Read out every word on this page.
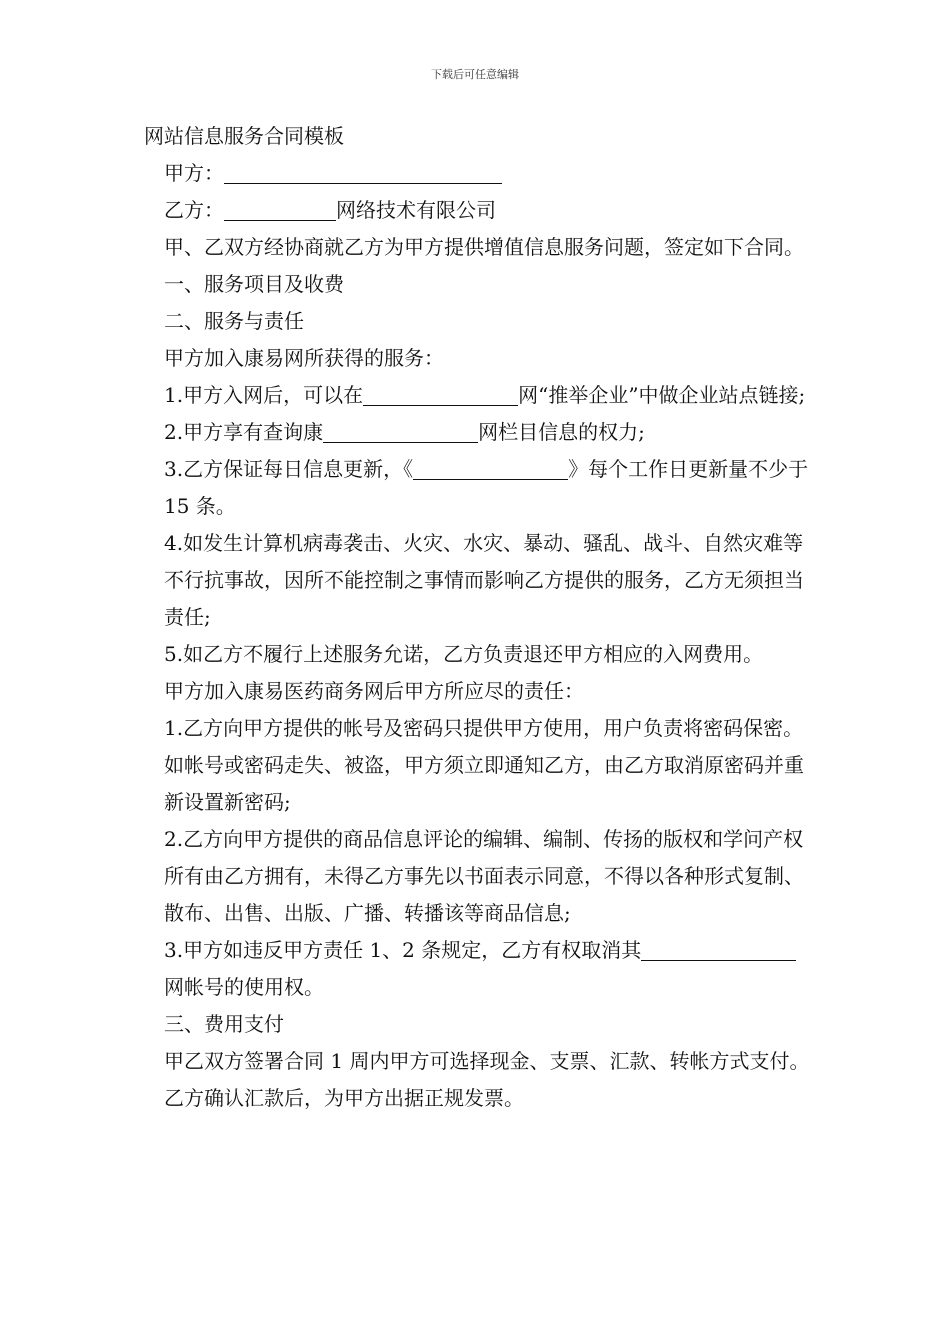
下载后可任意编辑
网站信息服务合同模板
甲方：
乙方：	网络技术有限公司
甲、乙双方经协商就乙方为甲方提供增值信息服务问题，签定如下合同。
一、服务项目及收费
二、服务与责任
甲方加入康易网所获得的服务：
1.甲方入网后，可以在	网“推举企业”中做企业站点链接;
2.甲方享有查询康	网栏目信息的权力;
3.乙方保证每日信息更新，《	》每个工作日更新量不少于 15 条。
4.如发生计算机病毒袭击、火灾、水灾、暴动、骚乱、战斗、自然灾难等不行抗事故，因所不能控制之事情而影响乙方提供的服务，乙方无须担当责任;
5.如乙方不履行上述服务允诺，乙方负责退还甲方相应的入网费用。
甲方加入康易医药商务网后甲方所应尽的责任：
1.乙方向甲方提供的帐号及密码只提供甲方使用，用户负责将密码保密。如帐号或密码走失、被盗，甲方须立即通知乙方，由乙方取消原密码并重新设置新密码;
2.乙方向甲方提供的商品信息评论的编辑、编制、传扬的版权和学问产权所有由乙方拥有，未得乙方事先以书面表示同意，不得以各种形式复制、散布、出售、出版、广播、转播该等商品信息;
3.甲方如违反甲方责任 1、2 条规定，乙方有权取消其网帐号的使用权。
三、费用支付
甲乙双方签署合同 1 周内甲方可选择现金、支票、汇款、转帐方式支付。乙方确认汇款后，为甲方出据正规发票。
